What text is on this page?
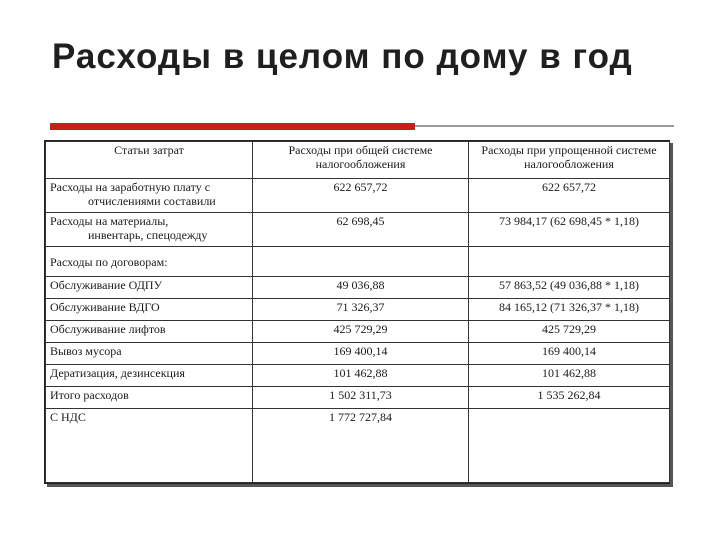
Расходы в целом по дому в год
Статьи затрат	Расходы при общей системе налогообложения	Расходы при упрощенной системе налогообложения
Расходы на заработную плату с
отчислениями составили	622 657,72	622 657,72
Расходы на материалы,
инвентарь, спецодежду	62 698,45	73 984,17 (62 698,45 * 1,18)
Расходы по договорам:		
Обслуживание ОДПУ	49 036,88	57 863,52 (49 036,88 * 1,18)
Обслуживание ВДГО	71 326,37	84 165,12 (71 326,37 * 1,18)
Обслуживание лифтов	425 729,29	425 729,29
Вывоз мусора	169 400,14	169 400,14
Дератизация, дезинсекция	101 462,88	101 462,88
Итого расходов	1 502 311,73	1 535 262,84
С НДС	1 772 727,84	
